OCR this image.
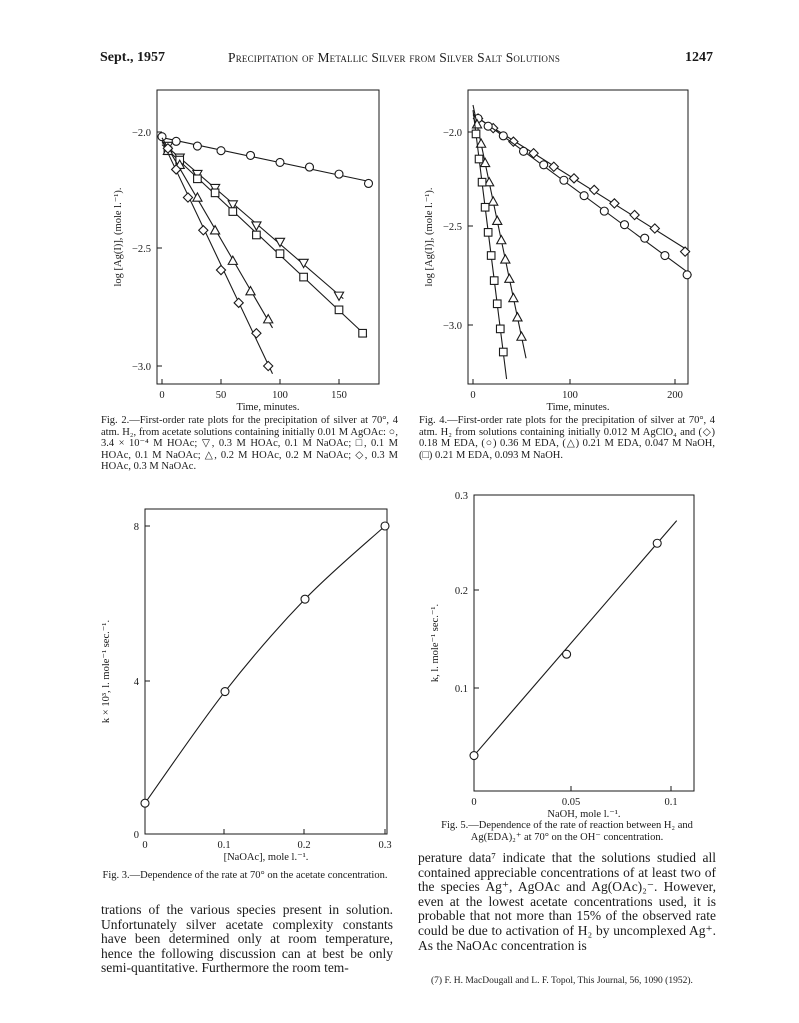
Sept., 1957	Precipitation of Metallic Silver from Silver Salt Solutions	1247
0	50	100	150
−2.0
−2.5
−3.0
Time, minutes.
log [Ag(I)], (mole l.⁻¹).
0	100	200
−2.0
−2.5
−3.0
Time, minutes.
log [Ag(I)], (mole l.⁻¹).
0	0.1	0.2	0.3
0
4
8
[NaOAc], mole l.⁻¹.
k × 10³, l. mole⁻¹ sec.⁻¹.
0	0.05	0.1
0.1
0.2
0.3
NaOH, mole l.⁻¹.
k, l. mole⁻¹ sec.⁻¹.
Fig. 2.—First-order rate plots for the precipitation of silver at 70°, 4 atm. H₂, from acetate solutions containing initially 0.01 M AgOAc: ○, 3.4 × 10⁻⁴ M HOAc; ▽, 0.3 M HOAc, 0.1 M NaOAc; □, 0.1 M HOAc, 0.1 M NaOAc; △, 0.2 M HOAc, 0.2 M NaOAc; ◇, 0.3 M HOAc, 0.3 M NaOAc.
Fig. 4.—First-order rate plots for the precipitation of silver at 70°, 4 atm. H₂ from solutions containing initially 0.012 M AgClO₄ and (◇) 0.18 M EDA, (○) 0.36 M EDA, (△) 0.21 M EDA, 0.047 M NaOH, (□) 0.21 M EDA, 0.093 M NaOH.
Fig. 3.—Dependence of the rate at 70° on the acetate concentration.
Fig. 5.—Dependence of the rate of reaction between H₂ and Ag(EDA)₂⁺ at 70° on the OH⁻ concentration.
trations of the various species present in solution. Unfortunately silver acetate complexity constants have been determined only at room temperature, hence the following discussion can at best be only semi-quantitative. Furthermore the room tem-
perature data⁷ indicate that the solutions studied all contained appreciable concentrations of at least two of the species Ag⁺, AgOAc and Ag(OAc)₂⁻. However, even at the lowest acetate concentrations used, it is probable that not more than 15% of the observed rate could be due to activation of H₂ by uncomplexed Ag⁺. As the NaOAc concentration is
(7) F. H. MacDougall and L. F. Topol, This Journal, 56, 1090 (1952).
